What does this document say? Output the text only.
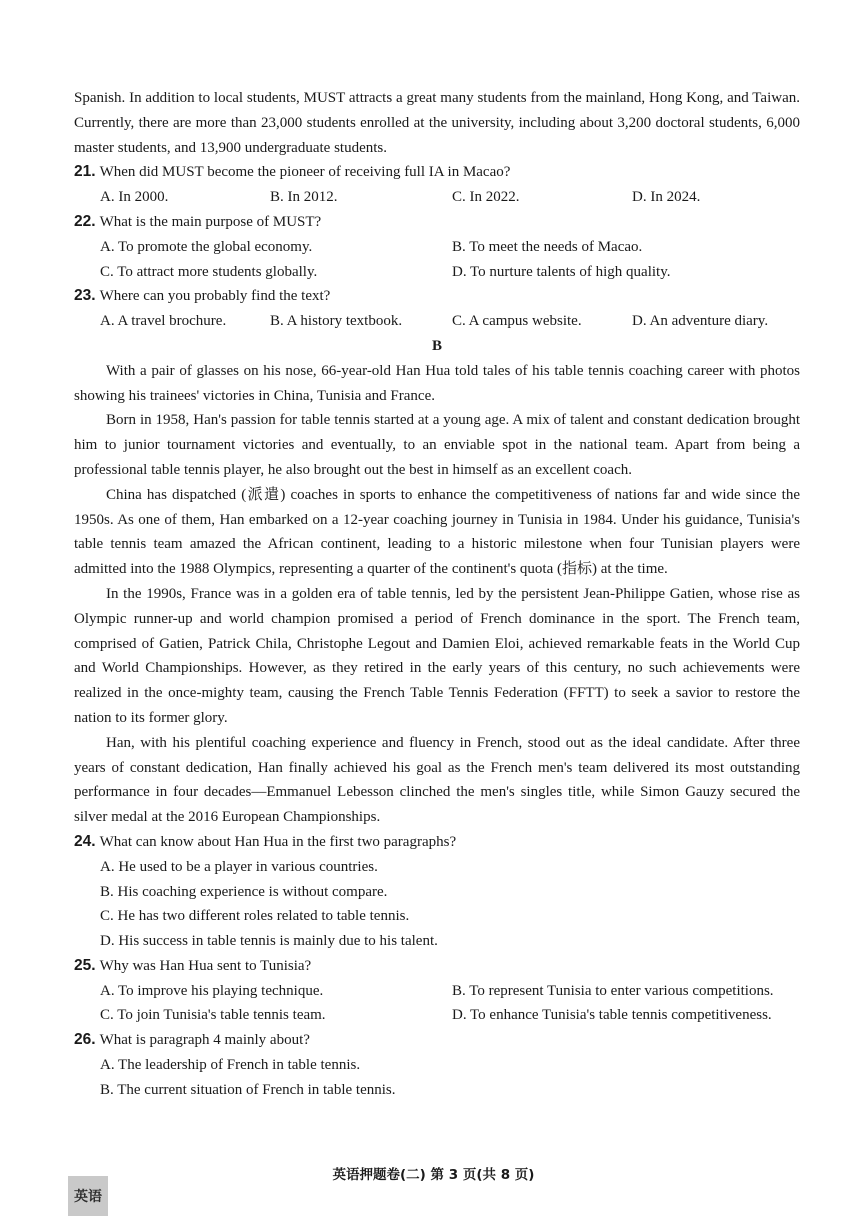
Spanish. In addition to local students, MUST attracts a great many students from the mainland, Hong Kong, and Taiwan. Currently, there are more than 23,000 students enrolled at the university, including about 3,200 doctoral students, 6,000 master students, and 13,900 undergraduate students.

21. When did MUST become the pioneer of receiving full IA in Macao?

A. In 2000.	B. In 2012.	C. In 2022.	D. In 2024.

22. What is the main purpose of MUST?

A. To promote the global economy.	B. To meet the needs of Macao.
C. To attract more students globally.	D. To nurture talents of high quality.

23. Where can you probably find the text?

A. A travel brochure.	B. A history textbook.	C. A campus website.	D. An adventure diary.
B

With a pair of glasses on his nose, 66-year-old Han Hua told tales of his table tennis coaching career with photos showing his trainees' victories in China, Tunisia and France.

Born in 1958, Han's passion for table tennis started at a young age. A mix of talent and constant dedication brought him to junior tournament victories and eventually, to an enviable spot in the national team. Apart from being a professional table tennis player, he also brought out the best in himself as an excellent coach.

China has dispatched (派遣) coaches in sports to enhance the competitiveness of nations far and wide since the 1950s. As one of them, Han embarked on a 12-year coaching journey in Tunisia in 1984. Under his guidance, Tunisia's table tennis team amazed the African continent, leading to a historic milestone when four Tunisian players were admitted into the 1988 Olympics, representing a quarter of the continent's quota (指标) at the time.

In the 1990s, France was in a golden era of table tennis, led by the persistent Jean-Philippe Gatien, whose rise as Olympic runner-up and world champion promised a period of French dominance in the sport. The French team, comprised of Gatien, Patrick Chila, Christophe Legout and Damien Eloi, achieved remarkable feats in the World Cup and World Championships. However, as they retired in the early years of this century, no such achievements were realized in the once-mighty team, causing the French Table Tennis Federation (FFTT) to seek a savior to restore the nation to its former glory.

Han, with his plentiful coaching experience and fluency in French, stood out as the ideal candidate. After three years of constant dedication, Han finally achieved his goal as the French men's team delivered its most outstanding performance in four decades—Emmanuel Lebesson clinched the men's singles title, while Simon Gauzy secured the silver medal at the 2016 European Championships.

24. What can know about Han Hua in the first two paragraphs?

A. He used to be a player in various countries.
B. His coaching experience is without compare.
C. He has two different roles related to table tennis.
D. His success in table tennis is mainly due to his talent.

25. Why was Han Hua sent to Tunisia?

A. To improve his playing technique.	B. To represent Tunisia to enter various competitions.
C. To join Tunisia's table tennis team.	D. To enhance Tunisia's table tennis competitiveness.

26. What is paragraph 4 mainly about?

A. The leadership of French in table tennis.
B. The current situation of French in table tennis.
英语押题卷(二) 第 3 页(共 8 页)
英语
